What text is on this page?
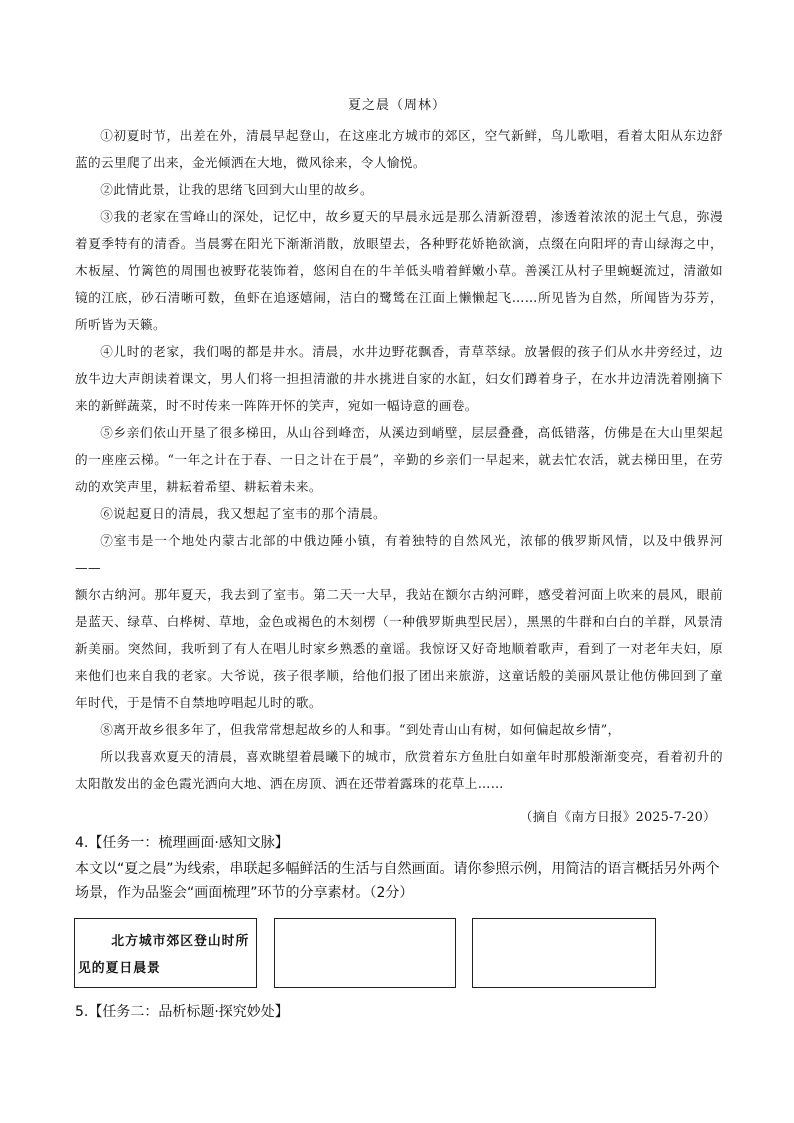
夏之晨（周林）

①初夏时节，出差在外，清晨早起登山，在这座北方城市的郊区，空气新鲜，鸟儿歌唱，看着太阳从东边舒蓝的云里爬了出来，金光倾洒在大地，微风徐来，令人愉悦。

②此情此景，让我的思绪飞回到大山里的故乡。

③我的老家在雪峰山的深处，记忆中，故乡夏天的早晨永远是那么清新澄碧，渗透着浓浓的泥土气息，弥漫着夏季特有的清香。当晨雾在阳光下渐渐消散，放眼望去，各种野花娇艳欲滴，点缀在向阳坪的青山绿海之中，木板屋、竹篱笆的周围也被野花装饰着，悠闲自在的牛羊低头啃着鲜嫩小草。善溪江从村子里蜿蜒流过，清澈如镜的江底，砂石清晰可数，鱼虾在追逐嬉闹，洁白的鹭鸶在江面上懒懒起飞……所见皆为自然，所闻皆为芬芳，所听皆为天籁。

④儿时的老家，我们喝的都是井水。清晨，水井边野花飘香，青草萃绿。放暑假的孩子们从水井旁经过，边放牛边大声朗读着课文，男人们将一担担清澈的井水挑进自家的水缸，妇女们蹲着身子，在水井边清洗着刚摘下来的新鲜蔬菜，时不时传来一阵阵开怀的笑声，宛如一幅诗意的画卷。

⑤乡亲们依山开垦了很多梯田，从山谷到峰峦，从溪边到峭壁，层层叠叠，高低错落，仿佛是在大山里架起的一座座云梯。“一年之计在于春、一日之计在于晨”，辛勤的乡亲们一早起来，就去忙农活，就去梯田里，在劳动的欢笑声里，耕耘着希望、耕耘着未来。

⑥说起夏日的清晨，我又想起了室韦的那个清晨。

⑦室韦是一个地处内蒙古北部的中俄边陲小镇，有着独特的自然风光，浓郁的俄罗斯风情，以及中俄界河——

额尔古纳河。那年夏天，我去到了室韦。第二天一大早，我站在额尔古纳河畔，感受着河面上吹来的晨风，眼前是蓝天、绿草、白桦树、草地，金色或褐色的木刻楞（一种俄罗斯典型民居），黑黑的牛群和白白的羊群，风景清新美丽。突然间，我听到了有人在唱儿时家乡熟悉的童谣。我惊讶又好奇地顺着歌声，看到了一对老年夫妇，原来他们也来自我的老家。大爷说，孩子很孝顺，给他们报了团出来旅游，这童话般的美丽风景让他仿佛回到了童年时代，于是情不自禁地哼唱起儿时的歌。

⑧离开故乡很多年了，但我常常想起故乡的人和事。“到处青山山有树，如何偏起故乡情”，

所以我喜欢夏天的清晨，喜欢眺望着晨曦下的城市，欣赏着东方鱼肚白如童年时那般渐渐变亮，看着初升的太阳散发出的金色霞光洒向大地、洒在房顶、洒在还带着露珠的花草上……

（摘自《南方日报》2025-7-20）
4.【任务一：梳理画面·感知文脉】
本文以“夏之晨”为线索，串联起多幅鲜活的生活与自然画面。请你参照示例，用简洁的语言概括另外两个场景，作为品鉴会“画面梳理”环节的分享素材。（2分）
北方城市郊区登山时所见的夏日晨景
5.【任务二：品析标题·探究妙处】
